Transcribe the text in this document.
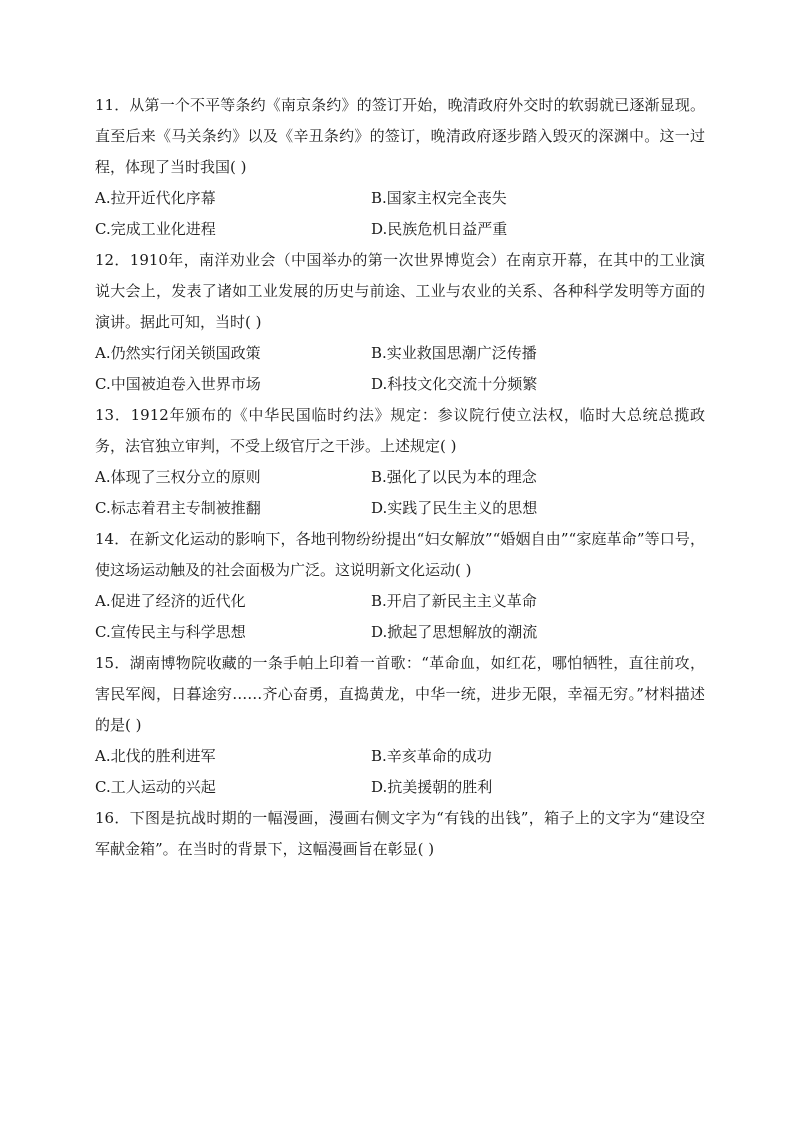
11．从第一个不平等条约《南京条约》的签订开始，晚清政府外交时的软弱就已逐渐显现。直至后来《马关条约》以及《辛丑条约》的签订，晚清政府逐步踏入毁灭的深渊中。这一过程，体现了当时我国( )

A.拉开近代化序幕	B.国家主权完全丧失
C.完成工业化进程	D.民族危机日益严重

12．1910年，南洋劝业会（中国举办的第一次世界博览会）在南京开幕，在其中的工业演说大会上，发表了诸如工业发展的历史与前途、工业与农业的关系、各种科学发明等方面的演讲。据此可知，当时( )

A.仍然实行闭关锁国政策	B.实业救国思潮广泛传播
C.中国被迫卷入世界市场	D.科技文化交流十分频繁

13．1912年颁布的《中华民国临时约法》规定：参议院行使立法权，临时大总统总揽政务，法官独立审判，不受上级官厅之干涉。上述规定( )

A.体现了三权分立的原则	B.强化了以民为本的理念
C.标志着君主专制被推翻	D.实践了民生主义的思想

14．在新文化运动的影响下，各地刊物纷纷提出“妇女解放”“婚姻自由”“家庭革命”等口号，使这场运动触及的社会面极为广泛。这说明新文化运动( )

A.促进了经济的近代化	B.开启了新民主主义革命
C.宣传民主与科学思想	D.掀起了思想解放的潮流

15．湖南博物院收藏的一条手帕上印着一首歌：“革命血，如红花，哪怕牺牲，直往前攻，害民军阀，日暮途穷……齐心奋勇，直捣黄龙，中华一统，进步无限，幸福无穷。”材料描述的是( )

A.北伐的胜利进军	B.辛亥革命的成功
C.工人运动的兴起	D.抗美援朝的胜利

16．下图是抗战时期的一幅漫画，漫画右侧文字为“有钱的出钱”，箱子上的文字为“建设空军献金箱”。在当时的背景下，这幅漫画旨在彰显( )
